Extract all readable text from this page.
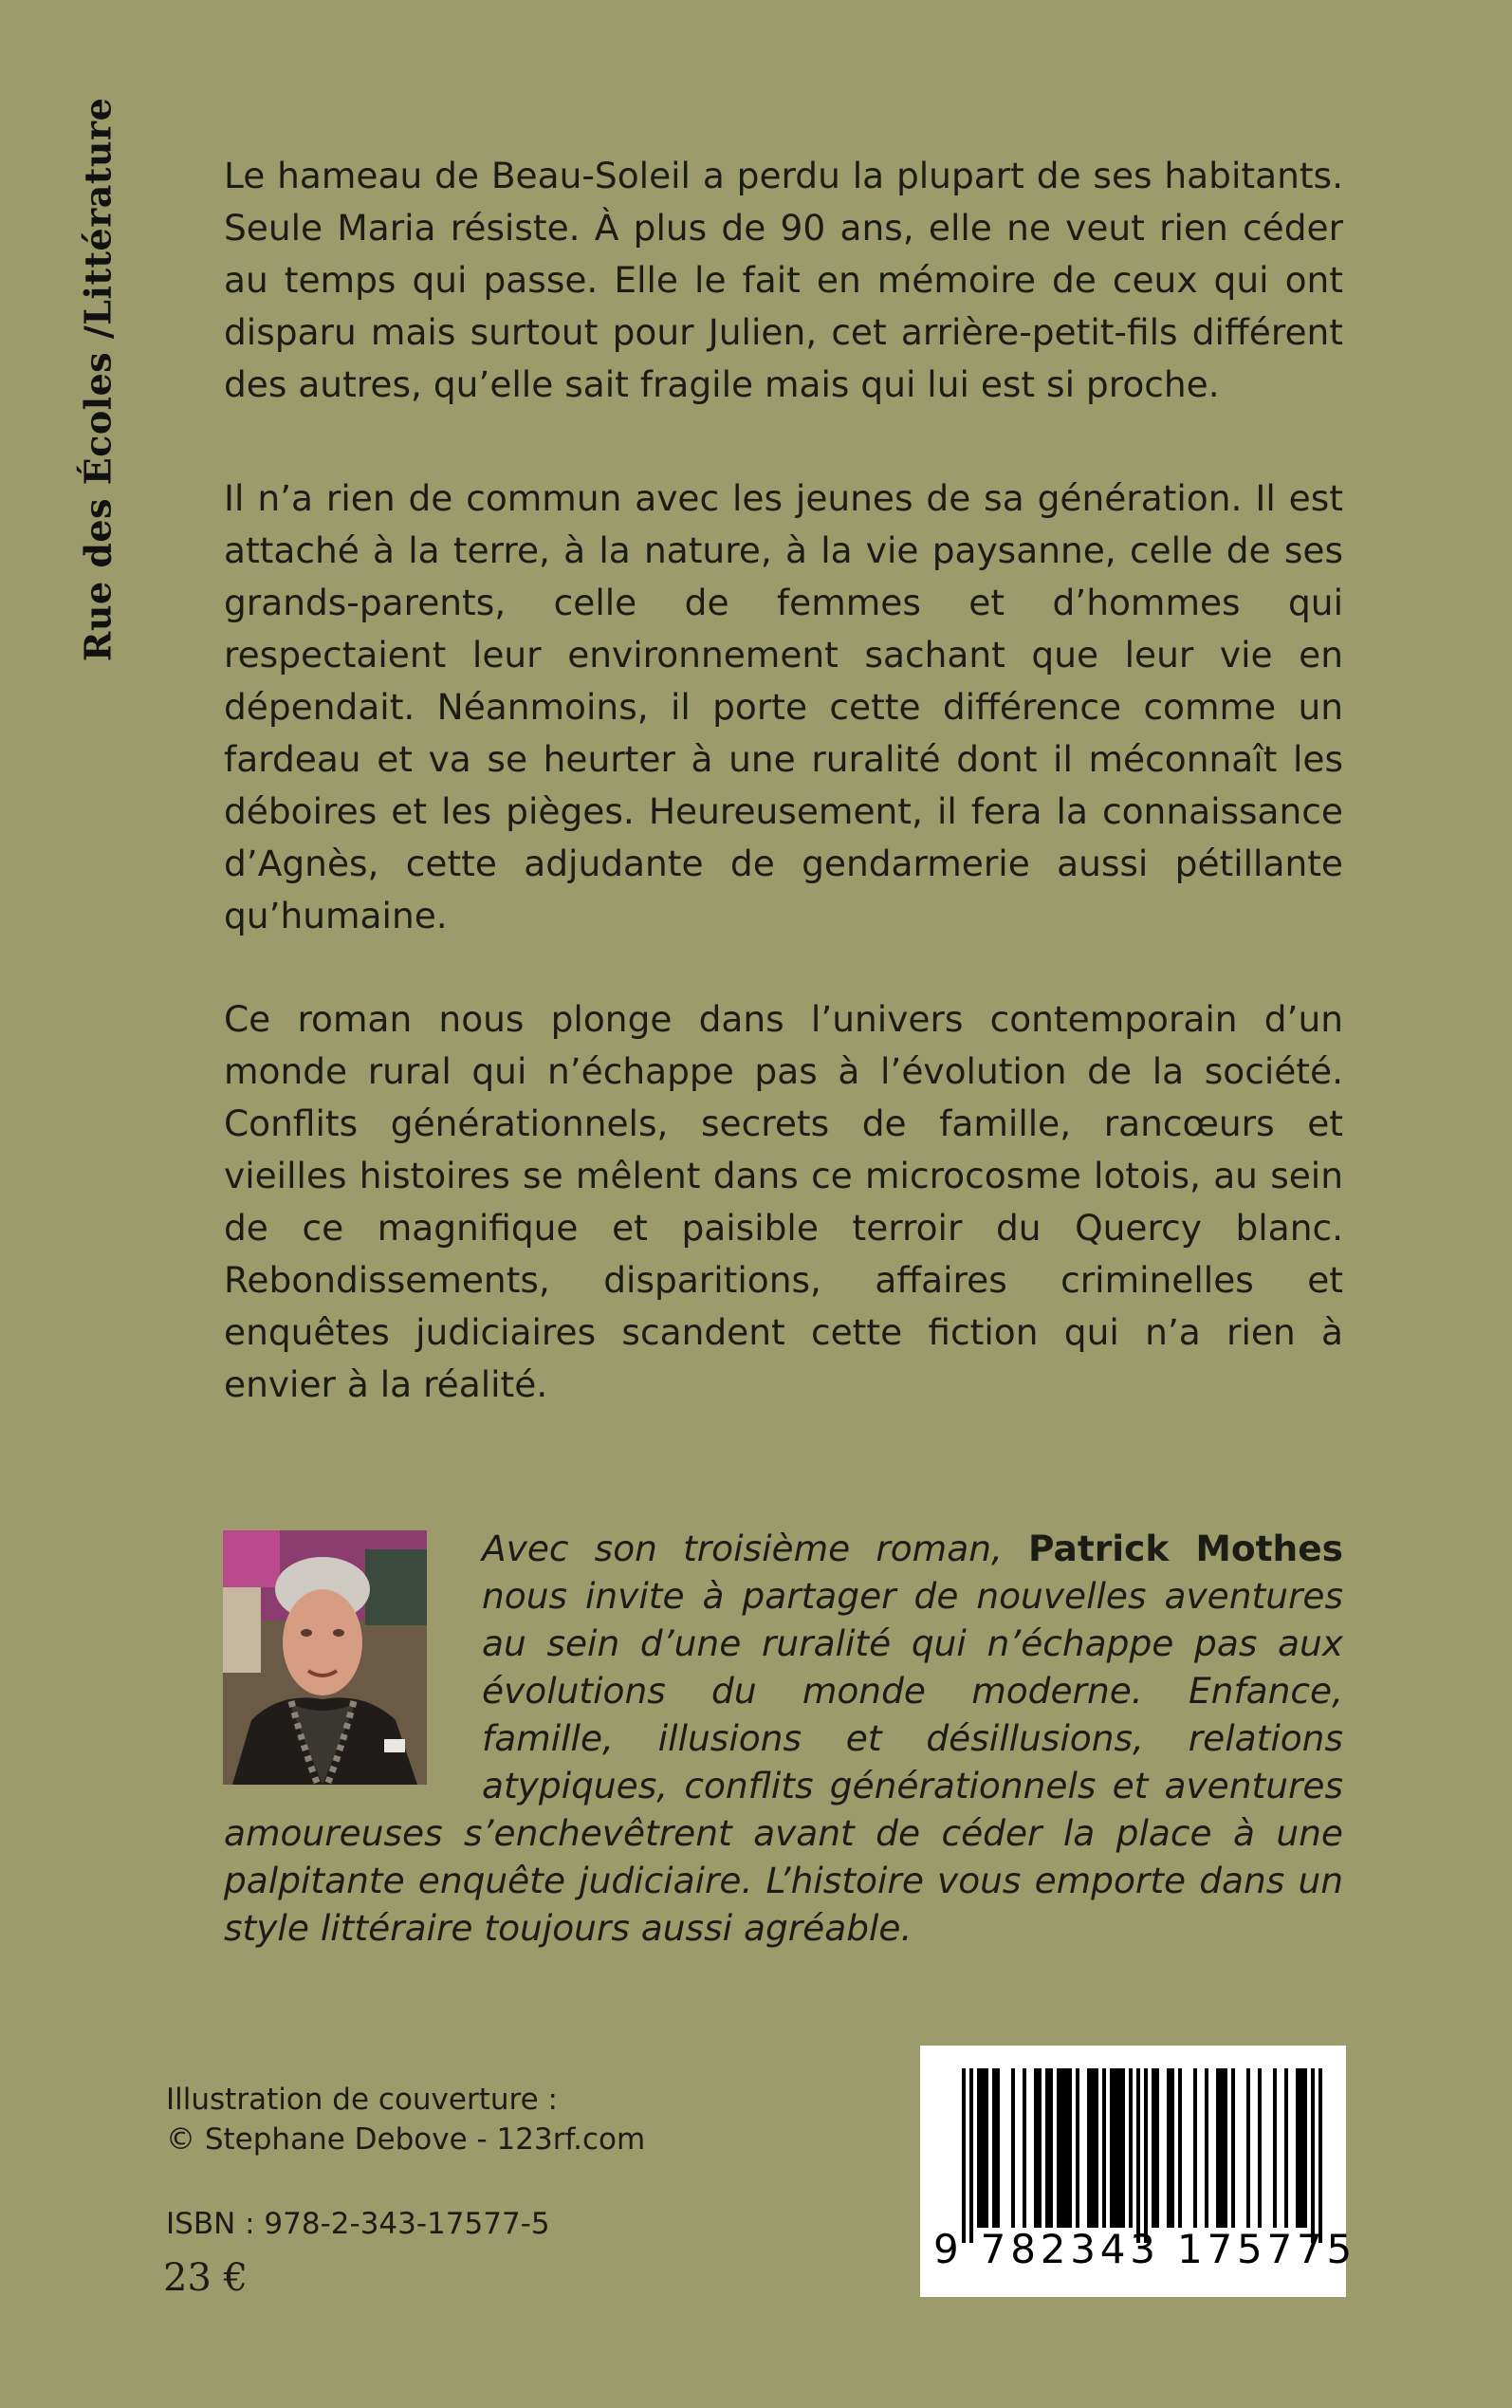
Rue des Écoles /Littérature	Le hameau de Beau-Soleil a perdu la plupart de ses habitants. Seule Maria résiste. À plus de 90 ans, elle ne veut rien céder au temps qui passe. Elle le fait en mémoire de ceux qui ont disparu mais surtout pour Julien, cet arrière-petit-fils différent des autres, qu’elle sait fragile mais qui lui est si proche.

Il n’a rien de commun avec les jeunes de sa génération. Il est attaché à la terre, à la nature, à la vie paysanne, celle de ses grands-parents, celle de femmes et d’hommes qui respectaient leur environnement sachant que leur vie en dépendait. Néanmoins, il porte cette différence comme un fardeau et va se heurter à une ruralité dont il méconnaît les déboires et les pièges. Heureusement, il fera la connaissance d’Agnès, cette adjudante de gendarmerie aussi pétillante qu’humaine.

Ce roman nous plonge dans l’univers contemporain d’un monde rural qui n’échappe pas à l’évolution de la société. Conflits générationnels, secrets de famille, rancœurs et vieilles histoires se mêlent dans ce microcosme lotois, au sein de ce magnifique et paisible terroir du Quercy blanc. Rebondissements, disparitions, affaires criminelles et enquêtes judiciaires scandent cette fiction qui n’a rien à envier à la réalité.

Avec son troisième roman, Patrick Mothes nous invite à partager de nouvelles aventures au sein d’une ruralité qui n’échappe pas aux évolutions du monde moderne. Enfance, famille, illusions et désillusions, relations atypiques, conflits générationnels et aventures amoureuses s’enchevêtrent avant de céder la place à une palpitante enquête judiciaire. L’histoire vous emporte dans un style littéraire toujours aussi agréable.

Illustration de couverture :
© Stephane Debove - 123rf.com
ISBN : 978-2-343-17577-5
23 €
9 782343 175775
